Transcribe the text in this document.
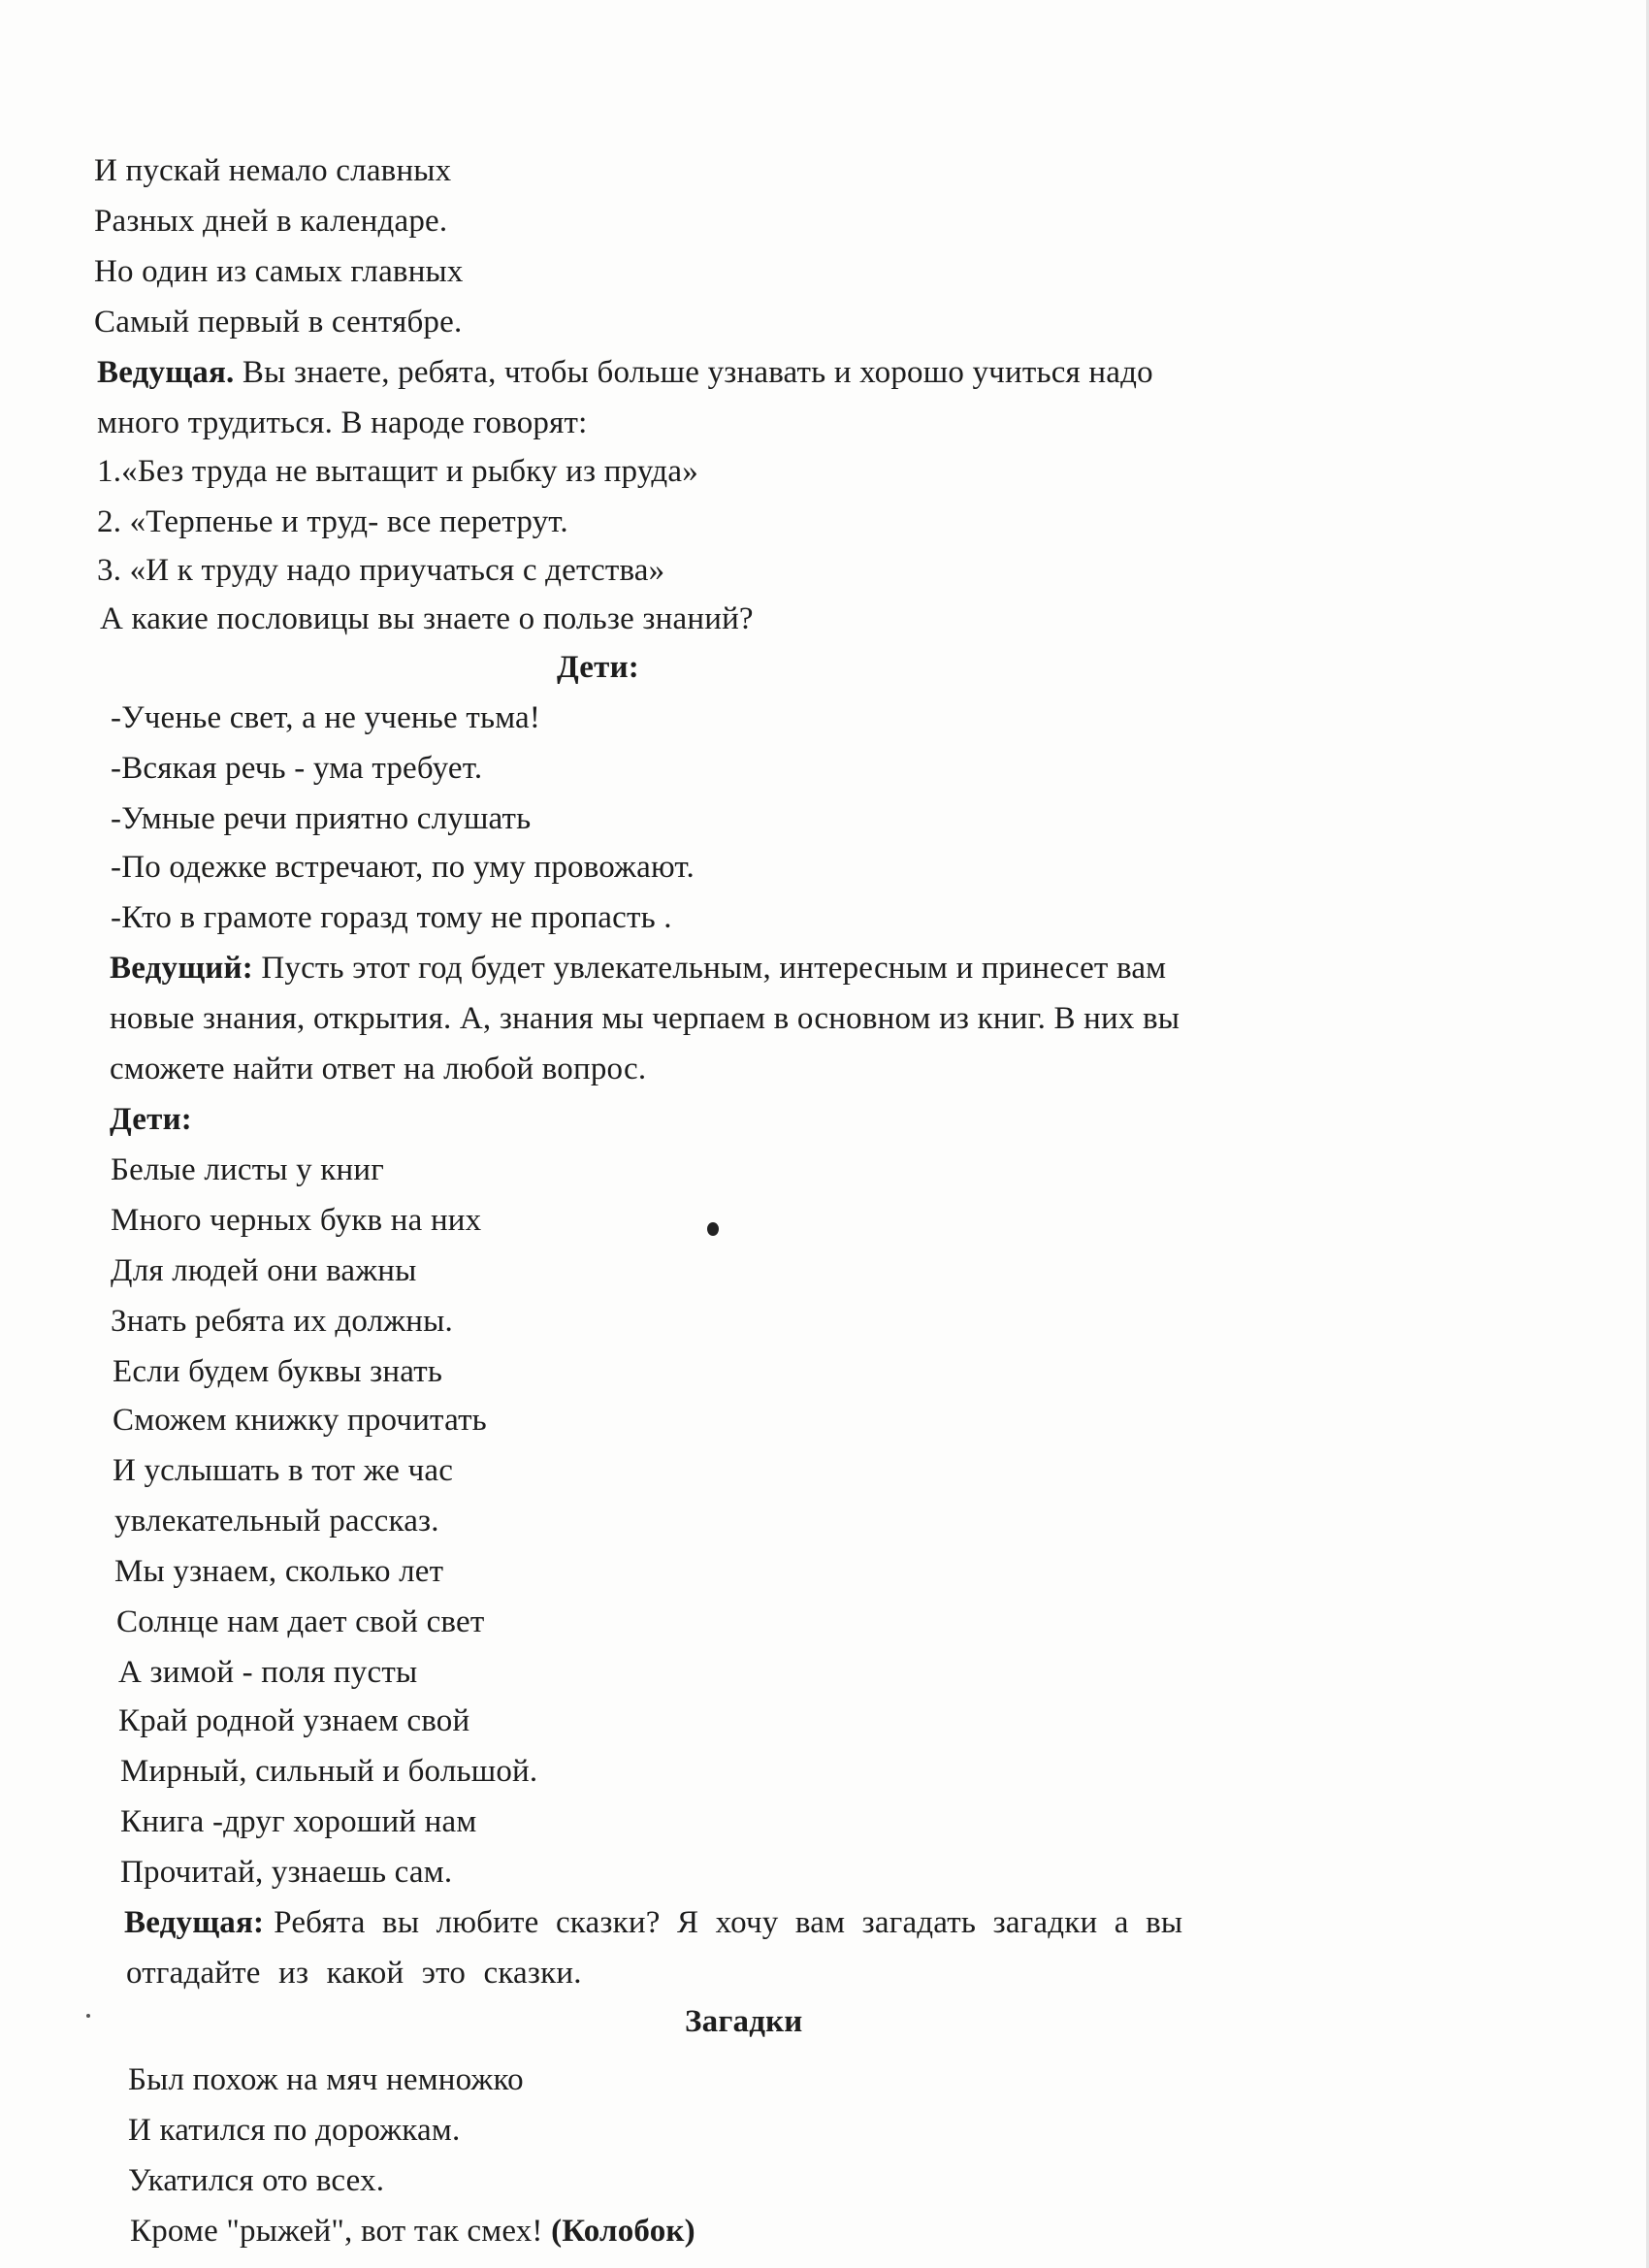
И пускай немало славных
Разных дней в календаре.
Но один из самых главных
Самый первый в сентябре.
Ведущая. Вы знаете, ребята, чтобы больше узнавать и хорошо учиться надо
много трудиться. В народе говорят:
1.«Без труда не вытащит и рыбку из пруда»
2. «Терпенье и труд- все перетрут.
3. «И к труду надо приучаться с детства»
А какие пословицы вы знаете о пользе знаний?
Дети:
-Ученье свет, а не ученье тьма!
-Всякая речь - ума требует.
-Умные речи приятно слушать
-По одежке встречают, по уму провожают.
-Кто в грамоте горазд тому не пропасть .
Ведущий: Пусть этот год будет увлекательным, интересным и принесет вам
новые знания, открытия. А, знания мы черпаем в основном из книг. В них вы
сможете найти ответ на любой вопрос.
Дети:
Белые листы у книг
Много черных букв на них
Для людей они важны
Знать ребята их должны.
Если будем буквы знать
Сможем книжку прочитать
И услышать в тот же час
увлекательный рассказ.
Мы узнаем, сколько лет
Солнце нам дает свой свет
А зимой - поля пусты
Край родной узнаем свой
Мирный, сильный и большой.
Книга -друг хороший нам
Прочитай, узнаешь сам.
Ведущая: Ребята вы любите сказки? Я хочу вам загадать загадки а вы
отгадайте из какой это сказки.
Загадки
Был похож на мяч немножко
И катился по дорожкам.
Укатился ото всех.
Кроме "рыжей", вот так смех! (Колобок)
